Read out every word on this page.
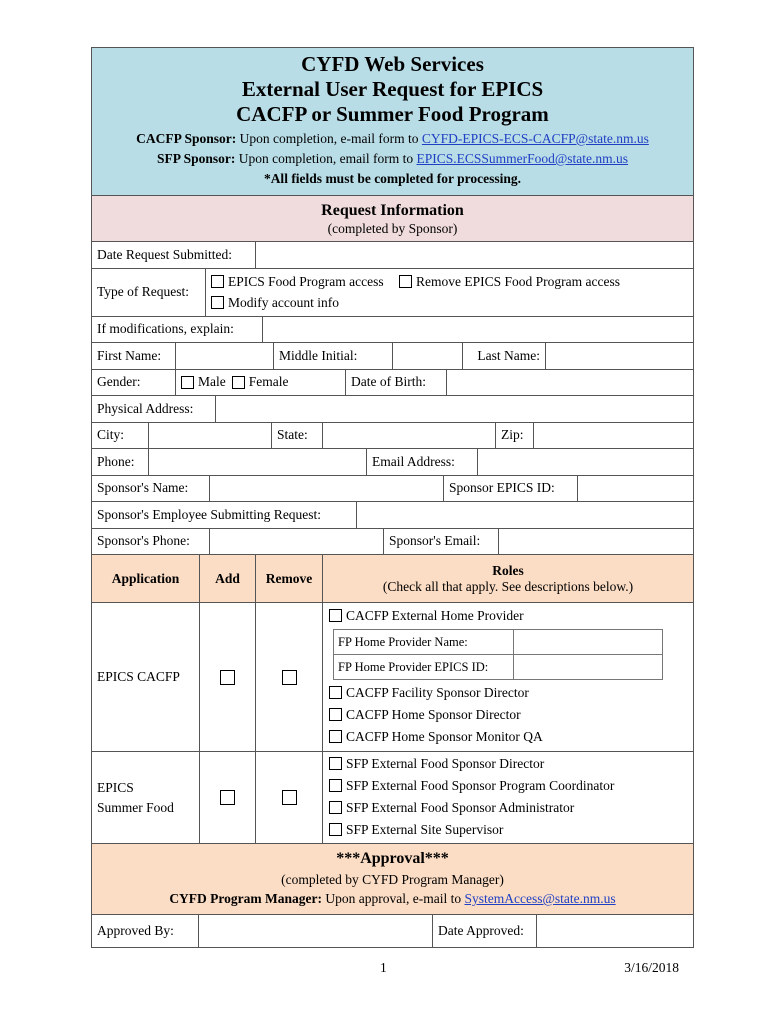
CYFD Web Services
External User Request for EPICS
CACFP or Summer Food Program
CACFP Sponsor: Upon completion, e-mail form to CYFD-EPICS-ECS-CACFP@state.nm.us
SFP Sponsor: Upon completion, email form to EPICS.ECSSummerFood@state.nm.us
*All fields must be completed for processing.
Request Information
(completed by Sponsor)
Date Request Submitted:
Type of Request:
EPICS Food Program access Remove EPICS Food Program access
Modify account info
If modifications, explain:
First Name:	Middle Initial:	Last Name:
Gender:	Male Female	Date of Birth:
Physical Address:
City:	State:	Zip:
Phone:	Email Address:
Sponsor's Name:	Sponsor EPICS ID:
Sponsor's Employee Submitting Request:
Sponsor's Phone:	Sponsor's Email:
Application	Add	Remove
Roles
(Check all that apply. See descriptions below.)
EPICS CACFP
CACFP External Home Provider
FP Home Provider Name:
FP Home Provider EPICS ID:
CACFP Facility Sponsor Director
CACFP Home Sponsor Director
CACFP Home Sponsor Monitor QA
EPICS
Summer Food
SFP External Food Sponsor Director
SFP External Food Sponsor Program Coordinator
SFP External Food Sponsor Administrator
SFP External Site Supervisor
***Approval***
(completed by CYFD Program Manager)
CYFD Program Manager: Upon approval, e-mail to SystemAccess@state.nm.us
Approved By:	Date Approved:
1	3/16/2018
